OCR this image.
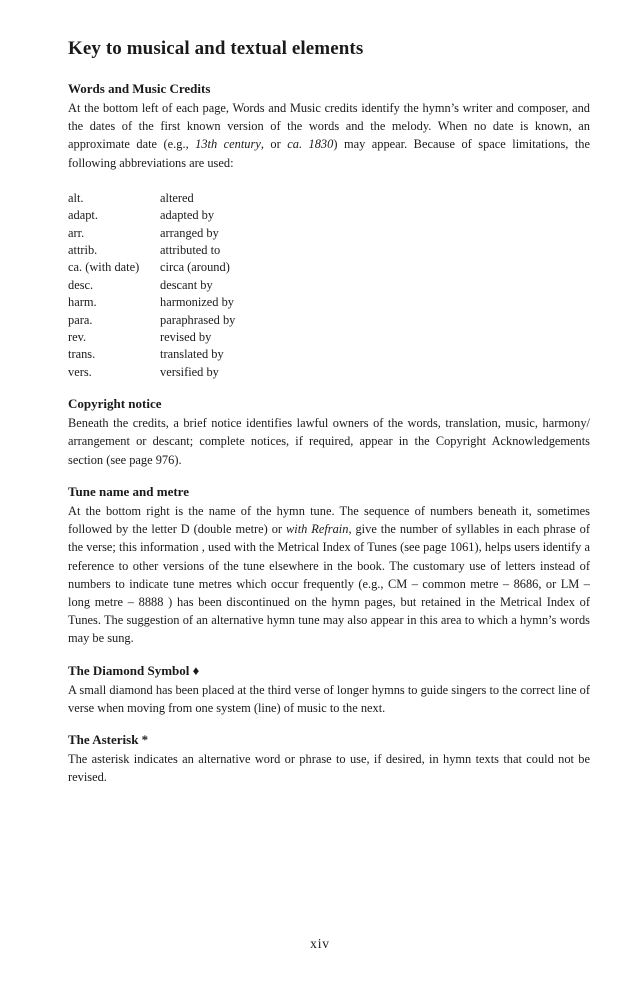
Key to musical and textual elements
Words and Music Credits

At the bottom left of each page, Words and Music credits identify the hymn’s writer and composer, and the dates of the first known version of the words and the melody. When no date is known, an approximate date (e.g., 13th century, or ca. 1830) may appear. Because of space limitations, the following abbreviations are used:

alt.	altered
adapt.	adapted by
arr.	arranged by
attrib.	attributed to
ca. (with date)	circa (around)
desc.	descant by
harm.	harmonized by
para.	paraphrased by
rev.	revised by
trans.	translated by
vers.	versified by
Copyright notice

Beneath the credits, a brief notice identifies lawful owners of the words, translation, music, harmony/ arrangement or descant; complete notices, if required, appear in the Copyright Acknowledgements section (see page 976).

Tune name and metre

At the bottom right is the name of the hymn tune. The sequence of numbers beneath it, sometimes followed by the letter D (double metre) or with Refrain, give the number of syllables in each phrase of the verse; this information , used with the Metrical Index of Tunes (see page 1061), helps users identify a reference to other versions of the tune elsewhere in the book. The customary use of letters instead of numbers to indicate tune metres which occur frequently (e.g., CM – common metre – 8686, or LM – long metre – 8888 ) has been discontinued on the hymn pages, but retained in the Metrical Index of Tunes. The suggestion of an alternative hymn tune may also appear in this area to which a hymn’s words may be sung.

The Diamond Symbol ♦

A small diamond has been placed at the third verse of longer hymns to guide singers to the correct line of verse when moving from one system (line) of music to the next.

The Asterisk *

The asterisk indicates an alternative word or phrase to use, if desired, in hymn texts that could not be revised.

xiv
